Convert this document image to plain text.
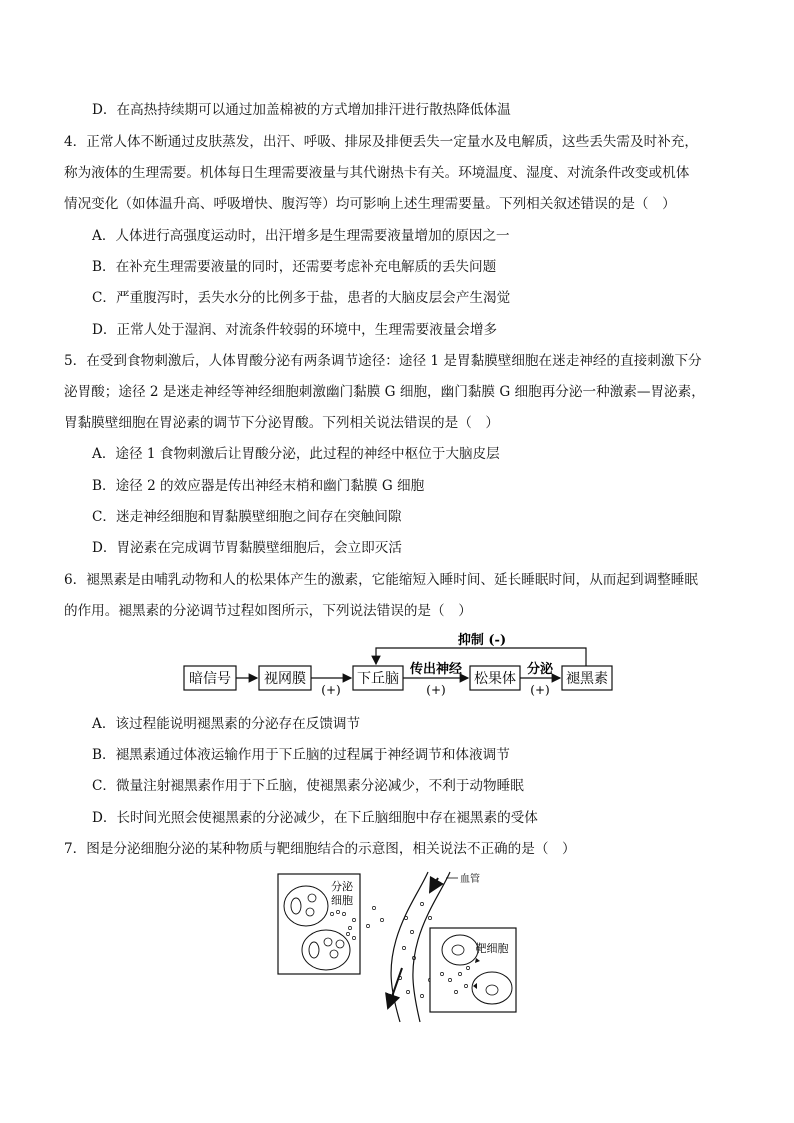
D．在高热持续期可以通过加盖棉被的方式增加排汗进行散热降低体温
4．正常人体不断通过皮肤蒸发，出汗、呼吸、排尿及排便丢失一定量水及电解质，这些丢失需及时补充，
称为液体的生理需要。机体每日生理需要液量与其代谢热卡有关。环境温度、湿度、对流条件改变或机体
情况变化（如体温升高、呼吸增快、腹泻等）均可影响上述生理需要量。下列相关叙述错误的是（　）
A．人体进行高强度运动时，出汗增多是生理需要液量增加的原因之一
B．在补充生理需要液量的同时，还需要考虑补充电解质的丢失问题
C．严重腹泻时，丢失水分的比例多于盐，患者的大脑皮层会产生渴觉
D．正常人处于湿润、对流条件较弱的环境中，生理需要液量会增多
5．在受到食物刺激后，人体胃酸分泌有两条调节途径：途径 1 是胃黏膜壁细胞在迷走神经的直接刺激下分
泌胃酸；途径 2 是迷走神经等神经细胞刺激幽门黏膜 G 细胞，幽门黏膜 G 细胞再分泌一种激素—胃泌素，
胃黏膜壁细胞在胃泌素的调节下分泌胃酸。下列相关说法错误的是（　）
A．途径 1 食物刺激后让胃酸分泌，此过程的神经中枢位于大脑皮层
B．途径 2 的效应器是传出神经末梢和幽门黏膜 G 细胞
C．迷走神经细胞和胃黏膜壁细胞之间存在突触间隙
D．胃泌素在完成调节胃黏膜壁细胞后，会立即灭活
6．褪黑素是由哺乳动物和人的松果体产生的激素，它能缩短入睡时间、延长睡眠时间，从而起到调整睡眠
的作用。褪黑素的分泌调节过程如图所示，下列说法错误的是（　）
抑制 (-)
暗信号 视网膜	下丘脑	松果体	褪黑素
(+)
传出神经
(+)
分泌
(+)
A．该过程能说明褪黑素的分泌存在反馈调节
B．褪黑素通过体液运输作用于下丘脑的过程属于神经调节和体液调节
C．微量注射褪黑素作用于下丘脑，使褪黑素分泌减少，不利于动物睡眠
D．长时间光照会使褪黑素的分泌减少，在下丘脑细胞中存在褪黑素的受体
7．图是分泌细胞分泌的某种物质与靶细胞结合的示意图，相关说法不正确的是（　）
分泌
细胞
血管
靶细胞
